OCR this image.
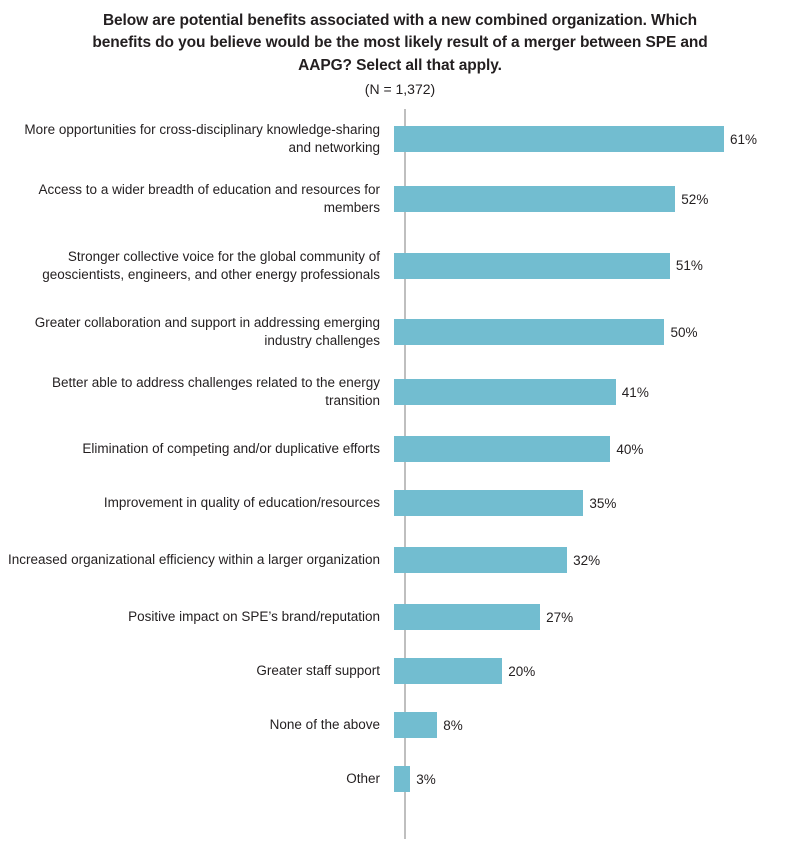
Below are potential benefits associated with a new combined organization. Which benefits do you believe would be the most likely result of a merger between SPE and AAPG? Select all that apply.
(N = 1,372)
More opportunities for cross-disciplinary knowledge-sharing and networking
61%
Access to a wider breadth of education and resources for members
52%
Stronger collective voice for the global community of geoscientists, engineers, and other energy professionals
51%
Greater collaboration and support in addressing emerging industry challenges
50%
Better able to address challenges related to the energy transition
41%
Elimination of competing and/or duplicative efforts	40%
Improvement in quality of education/resources	35%
Increased organizational efficiency within a larger organization	32%
Positive impact on SPE’s brand/reputation	27%
Greater staff support	20%
None of the above	8%
Other	3%
